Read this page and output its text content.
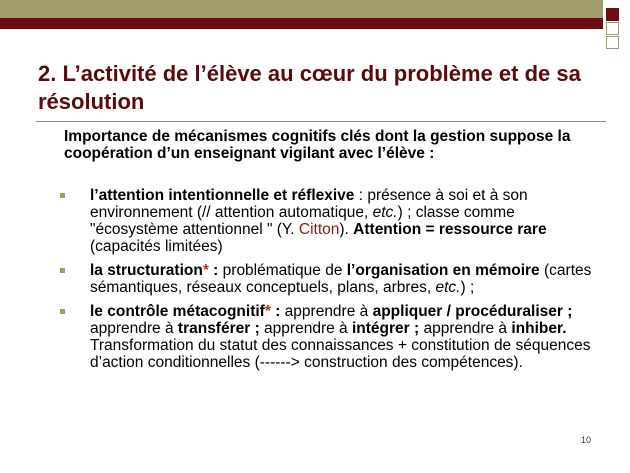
2. L’activité de l’élève au cœur du problème et de sa résolution

Importance de mécanismes cognitifs clés dont la gestion suppose la coopération d’un enseignant vigilant avec l’élève :

l’attention intentionnelle et réflexive : présence à soi et à son environnement (// attention automatique, etc.) ; classe comme "écosystème attentionnel " (Y. Citton). Attention = ressource rare (capacités limitées)
la structuration* : problématique de l’organisation en mémoire (cartes sémantiques, réseaux conceptuels, plans, arbres, etc.) ;
le contrôle métacognitif* : apprendre à appliquer / procéduraliser ; apprendre à transférer ; apprendre à intégrer ; apprendre à inhiber. Transformation du statut des connaissances + constitution de séquences d’action conditionnelles (------> construction des compétences).
10
